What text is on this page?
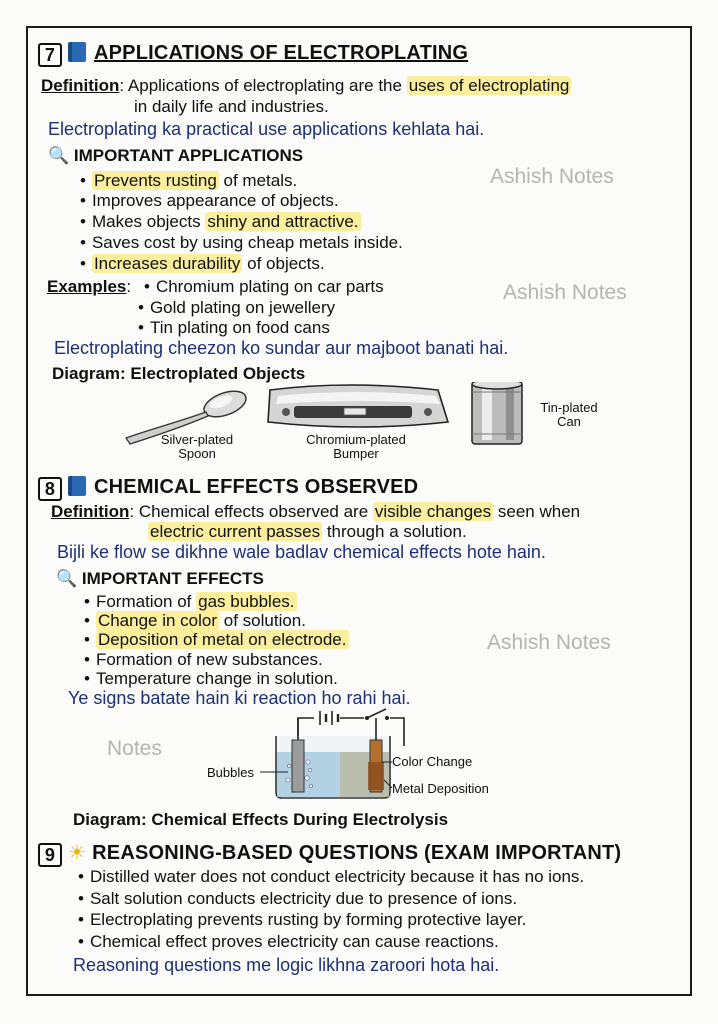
Ashish Notes
Ashish Notes
Ashish Notes
Notes
7 APPLICATIONS OF ELECTROPLATING
Definition: Applications of electroplating are the uses of electroplating
in daily life and industries.
Electroplating ka practical use applications kehlata hai.
🔍 IMPORTANT APPLICATIONS
• Prevents rusting of metals.
• Improves appearance of objects.
• Makes objects shiny and attractive.
• Saves cost by using cheap metals inside.
• Increases durability of objects.
Examples:
•	Chromium plating on car parts
• Gold plating on jewellery
• Tin plating on food cans
Electroplating cheezon ko sundar aur majboot banati hai.
Diagram: Electroplated Objects
Silver-plated
Spoon
Chromium-plated
Bumper
Tin-plated
Can
8 CHEMICAL EFFECTS OBSERVED
Definition: Chemical effects observed are visible changes seen when
electric current passes through a solution.
Bijli ke flow se dikhne wale badlav chemical effects hote hain.
🔍 IMPORTANT EFFECTS
• Formation of gas bubbles.
• Change in color of solution.
• Deposition of metal on electrode.
• Formation of new substances.
• Temperature change in solution.
Ye signs batate hain ki reaction ho rahi hai.
Bubbles
Color Change
Metal Deposition
Diagram: Chemical Effects During Electrolysis
9 ☀ REASONING-BASED QUESTIONS (EXAM IMPORTANT)
• Distilled water does not conduct electricity because it has no ions.
• Salt solution conducts electricity due to presence of ions.
• Electroplating prevents rusting by forming protective layer.
• Chemical effect proves electricity can cause reactions.
Reasoning questions me logic likhna zaroori hota hai.
